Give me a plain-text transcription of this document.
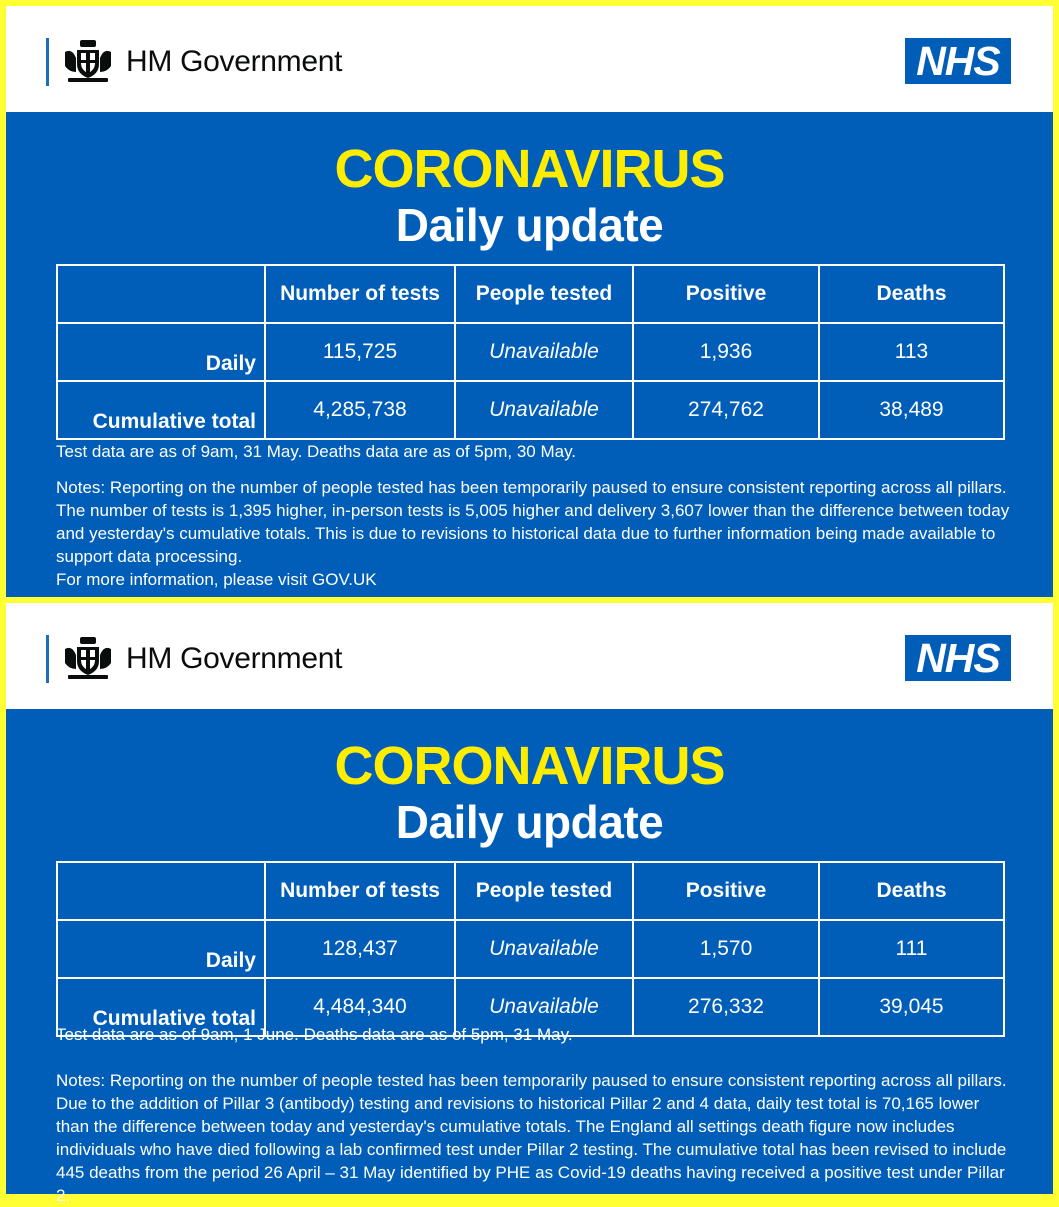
HM Government	NHS
CORONAVIRUS
Daily update
	Number of tests	People tested	Positive	Deaths
Daily	115,725	Unavailable	1,936	113
Cumulative total	4,285,738	Unavailable	274,762	38,489
Test data are as of 9am, 31 May. Deaths data are as of 5pm, 30 May.
Notes: Reporting on the number of people tested has been temporarily paused to ensure consistent reporting across all pillars. The number of tests is 1,395 higher, in-person tests is 5,005 higher and delivery 3,607 lower than the difference between today and yesterday's cumulative totals. This is due to revisions to historical data due to further information being made available to support data processing.
For more information, please visit GOV.UK
HM Government	NHS
CORONAVIRUS
Daily update
	Number of tests	People tested	Positive	Deaths
Daily	128,437	Unavailable	1,570	111
Cumulative total	4,484,340	Unavailable	276,332	39,045
Test data are as of 9am, 1 June. Deaths data are as of 5pm, 31 May.
Notes: Reporting on the number of people tested has been temporarily paused to ensure consistent reporting across all pillars. Due to the addition of Pillar 3 (antibody) testing and revisions to historical Pillar 2 and 4 data, daily test total is 70,165 lower than the difference between today and yesterday's cumulative totals. The England all settings death figure now includes individuals who have died following a lab confirmed test under Pillar 2 testing. The cumulative total has been revised to include 445 deaths from the period 26 April – 31 May identified by PHE as Covid-19 deaths having received a positive test under Pillar 2.
